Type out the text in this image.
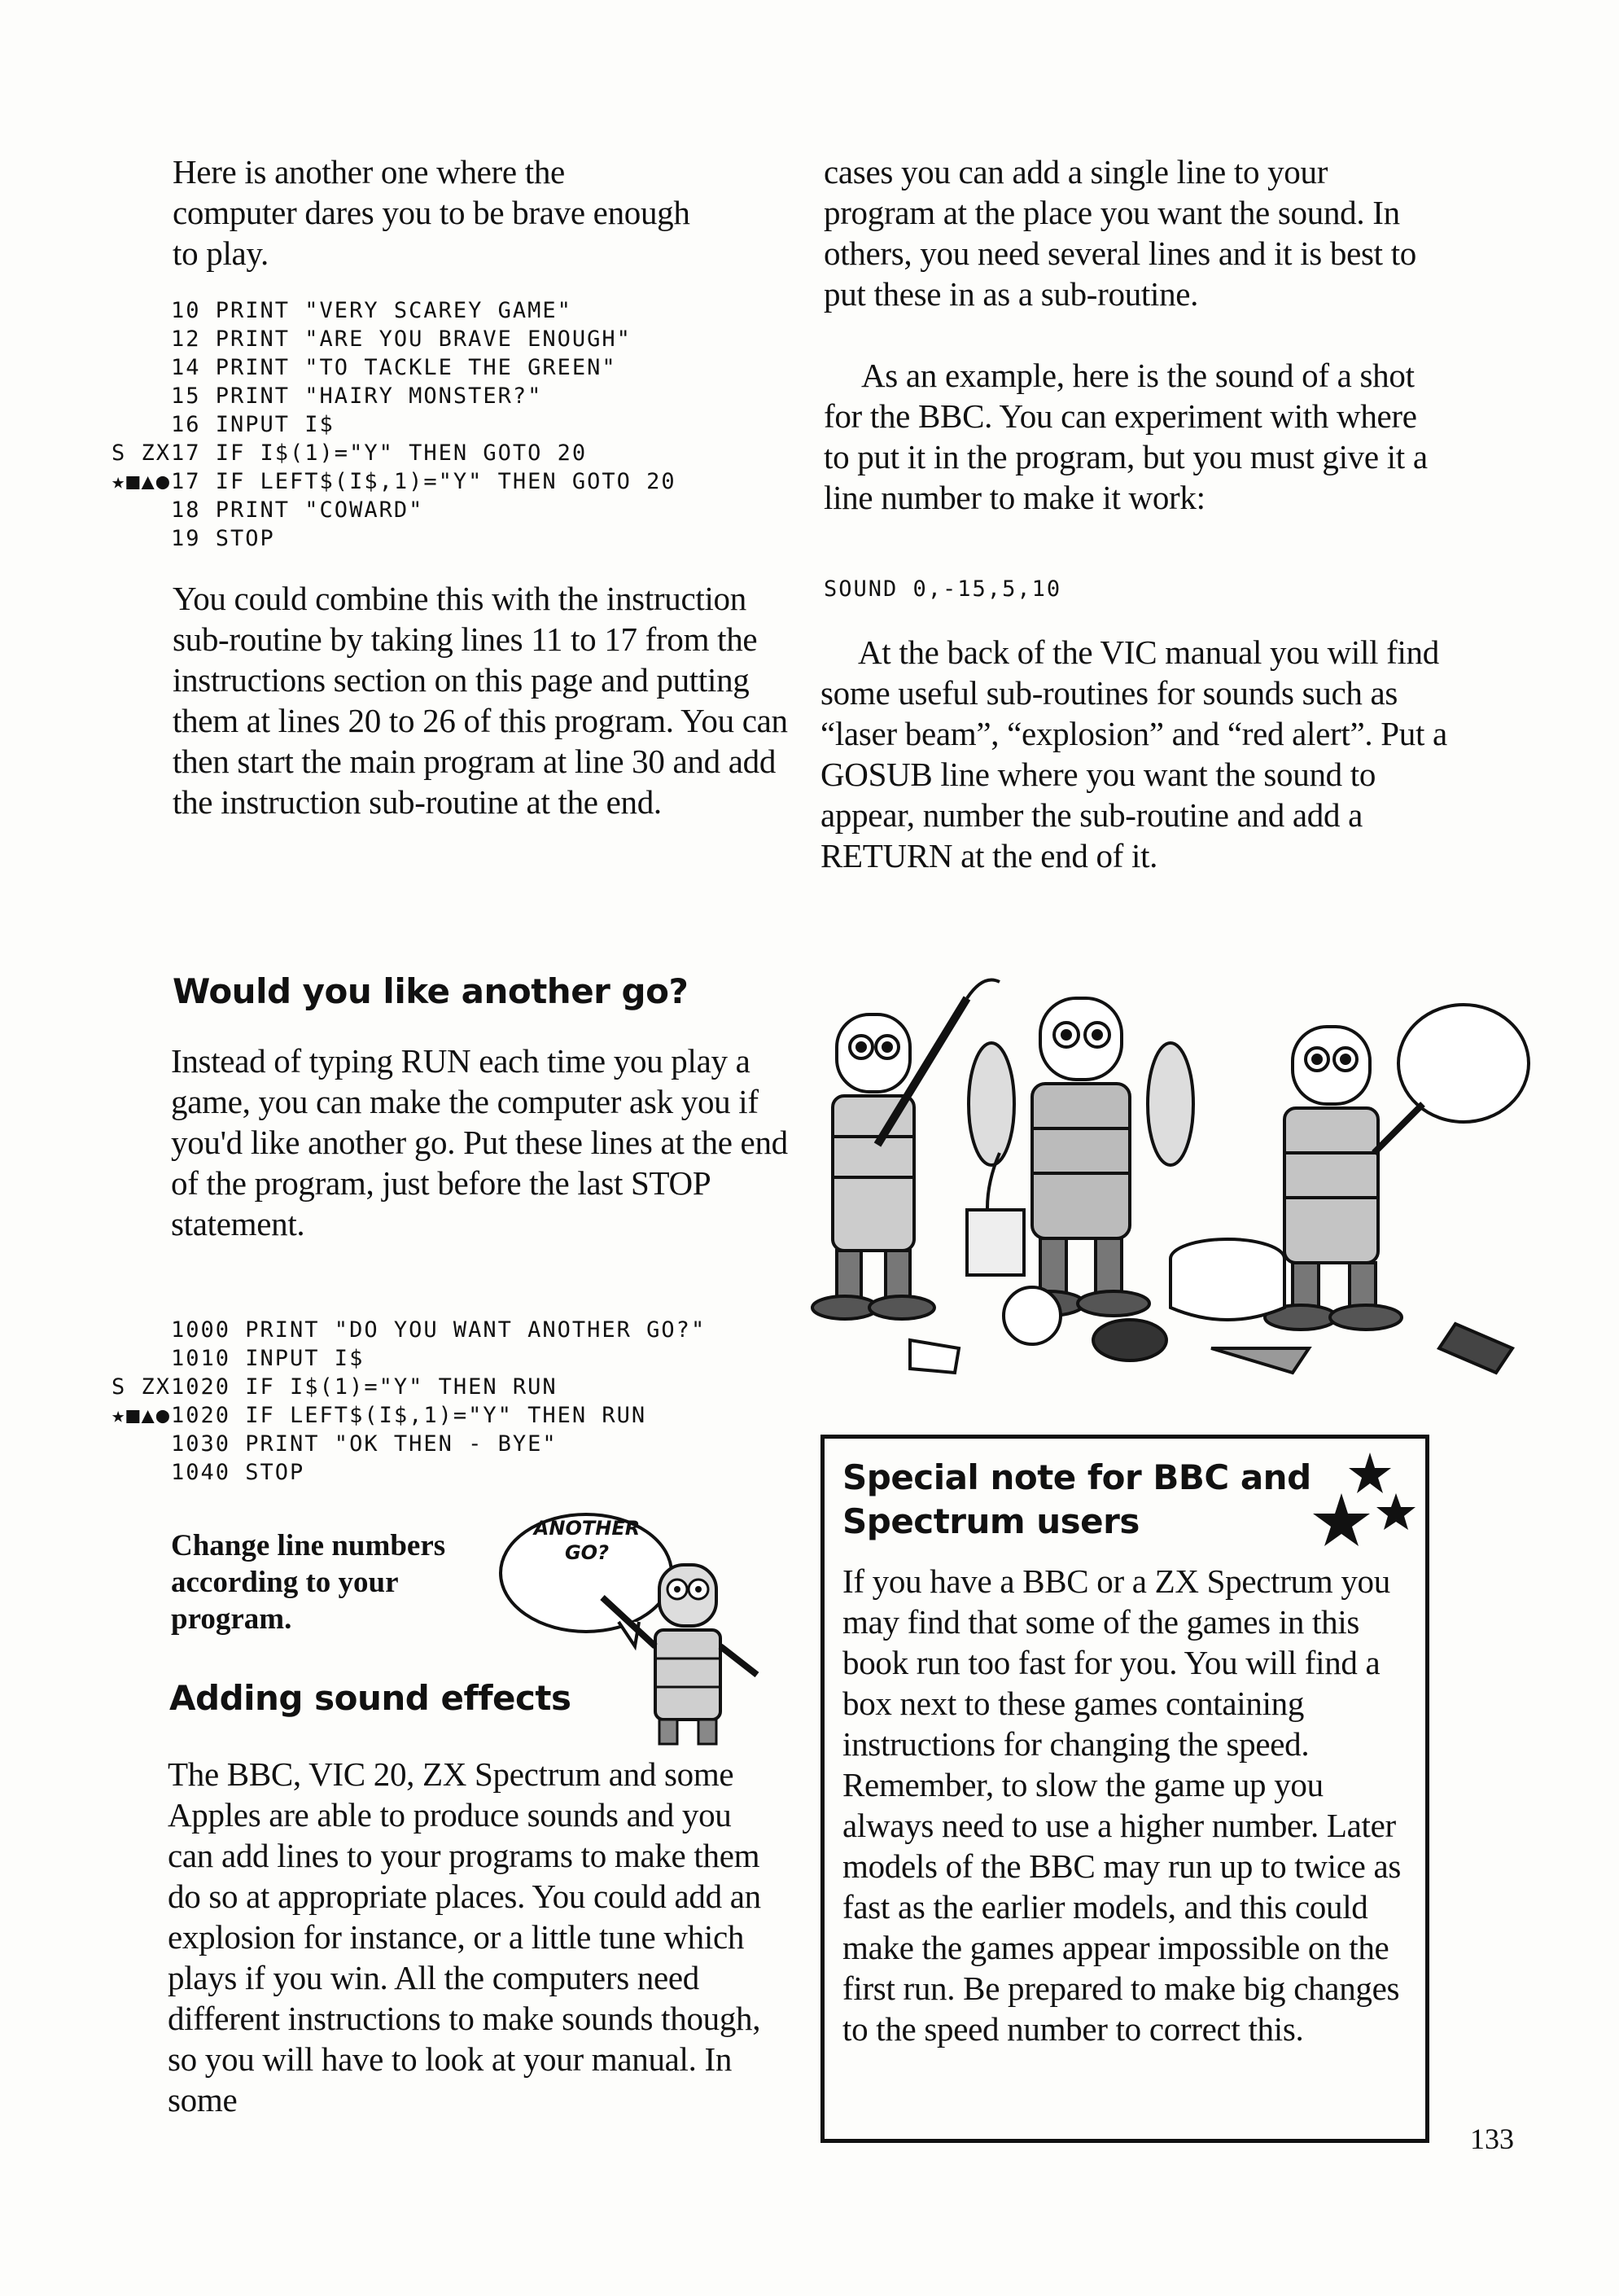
Here is another one where the computer dares you to be brave enough to play.

10 PRINT "VERY SCAREY GAME"
12 PRINT "ARE YOU BRAVE ENOUGH"
14 PRINT "TO TACKLE THE GREEN"
15 PRINT "HAIRY MONSTER?"
16 INPUT I$
S ZX 17 IF I$(1)="Y" THEN GOTO 20
★■▲● 17 IF LEFT$(I$,1)="Y" THEN GOTO 20
18 PRINT "COWARD"
19 STOP

You could combine this with the instruction sub-routine by taking lines 11 to 17 from the instructions section on this page and putting them at lines 20 to 26 of this program. You can then start the main program at line 30 and add the instruction sub-routine at the end.

Would you like another go?

Instead of typing RUN each time you play a game, you can make the computer ask you if you'd like another go. Put these lines at the end of the program, just before the last STOP statement.

1000 PRINT "DO YOU WANT ANOTHER GO?"
1010 INPUT I$
S ZX 1020 IF I$(1)="Y" THEN RUN
★■▲● 1020 IF LEFT$(I$,1)="Y" THEN RUN
1030 PRINT "OK THEN - BYE"
1040 STOP

Change line numbers according to your program.

ANOTHER GO?
Adding sound effects

The BBC, VIC 20, ZX Spectrum and some Apples are able to produce sounds and you can add lines to your programs to make them do so at appropriate places. You could add an explosion for instance, or a little tune which plays if you win. All the computers need different instructions to make sounds though, so you will have to look at your manual. In some

cases you can add a single line to your program at the place you want the sound. In others, you need several lines and it is best to put these in as a sub-routine.

As an example, here is the sound of a shot for the BBC. You can experiment with where to put it in the program, but you must give it a line number to make it work:

SOUND 0,-15,5,10

At the back of the VIC manual you will find some useful sub-routines for sounds such as “laser beam”, “explosion” and “red alert”. Put a GOSUB line where you want the sound to appear, number the sub-routine and add a RETURN at the end of it.

Special note for BBC and
Spectrum users

If you have a BBC or a ZX Spectrum you may find that some of the games in this book run too fast for you. You will find a box next to these games containing instructions for changing the speed. Remember, to slow the game up you always need to use a higher number. Later models of the BBC may run up to twice as fast as the earlier models, and this could make the games appear impossible on the first run. Be prepared to make big changes to the speed number to correct this.

133
